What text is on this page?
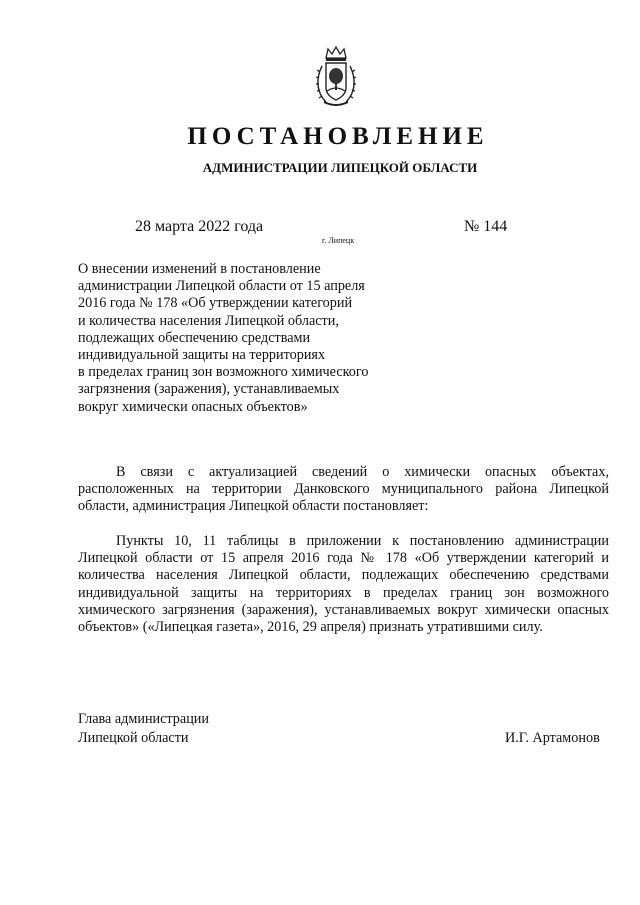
ПОСТАНОВЛЕНИЕ
АДМИНИСТРАЦИИ ЛИПЕЦКОЙ ОБЛАСТИ
28 марта 2022 года
г. Липецк
№ 144
О внесении изменений в постановление
администрации Липецкой области от 15 апреля
2016 года № 178 «Об утверждении категорий
и количества населения Липецкой области,
подлежащих обеспечению средствами
индивидуальной защиты на территориях
в пределах границ зон возможного химического
загрязнения (заражения), устанавливаемых
вокруг химически опасных объектов»
В связи с актуализацией сведений о химически опасных объектах, расположенных на территории Данковского муниципального района Липецкой области, администрация Липецкой области постановляет:
Пункты 10, 11 таблицы в приложении к постановлению администрации Липецкой области от 15 апреля 2016 года № 178 «Об утверждении категорий и количества населения Липецкой области, подлежащих обеспечению средствами индивидуальной защиты на территориях в пределах границ зон возможного химического загрязнения (заражения), устанавливаемых вокруг химически опасных объектов» («Липецкая газета», 2016, 29 апреля) признать утратившими силу.
Глава администрации
Липецкой области	И.Г. Артамонов
